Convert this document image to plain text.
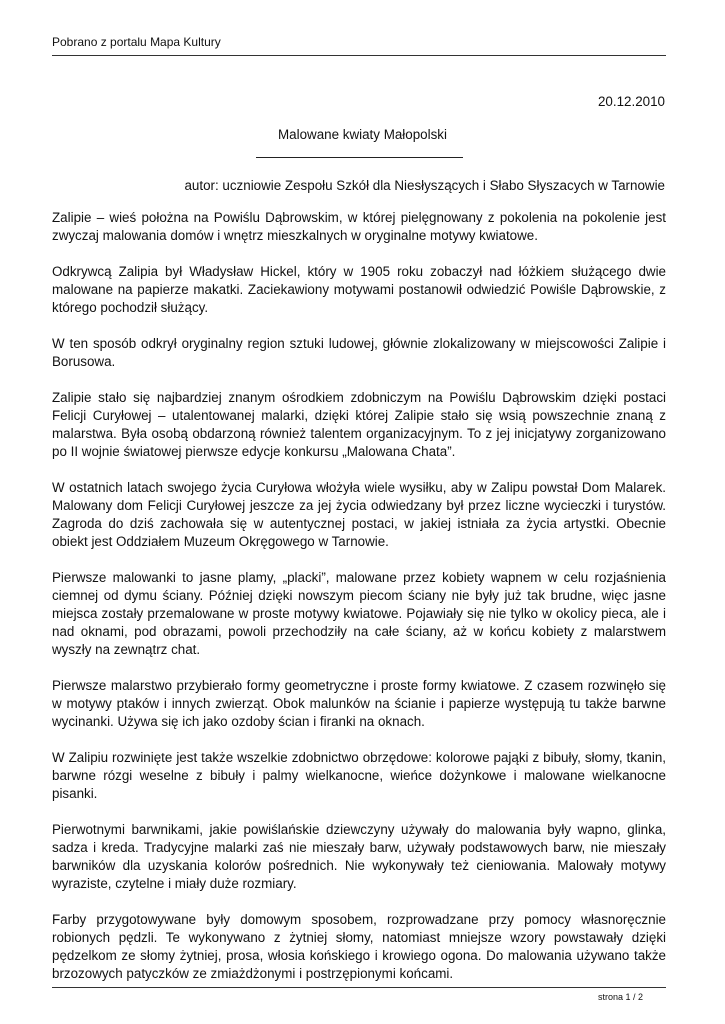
Pobrano z portalu Mapa Kultury
20.12.2010
Malowane kwiaty Małopolski
autor: uczniowie Zespołu Szkół dla Niesłyszących i Słabo Słyszacych w Tarnowie

Zalipie – wieś położna na Powiślu Dąbrowskim, w której pielęgnowany z pokolenia na pokolenie jest zwyczaj malowania domów i wnętrz mieszkalnych w oryginalne motywy kwiatowe.

Odkrywcą Zalipia był Władysław Hickel, który w 1905 roku zobaczył nad łóżkiem służącego dwie malowane na papierze makatki. Zaciekawiony motywami postanowił odwiedzić Powiśle Dąbrowskie, z którego pochodził służący.

W ten sposób odkrył oryginalny region sztuki ludowej, głównie zlokalizowany w miejscowości Zalipie i Borusowa.

Zalipie stało się najbardziej znanym ośrodkiem zdobniczym na Powiślu Dąbrowskim dzięki postaci Felicji Curyłowej – utalentowanej malarki, dzięki której Zalipie stało się wsią powszechnie znaną z malarstwa. Była osobą obdarzoną również talentem organizacyjnym. To z jej inicjatywy zorganizowano po II wojnie światowej pierwsze edycje konkursu „Malowana Chata”.

W ostatnich latach swojego życia Curyłowa włożyła wiele wysiłku, aby w Zalipu powstał Dom Malarek. Malowany dom Felicji Curyłowej jeszcze za jej życia odwiedzany był przez liczne wycieczki i turystów. Zagroda do dziś zachowała się w autentycznej postaci, w jakiej istniała za życia artystki. Obecnie obiekt jest Oddziałem Muzeum Okręgowego w Tarnowie.

Pierwsze malowanki to jasne plamy, „placki”, malowane przez kobiety wapnem w celu rozjaśnienia ciemnej od dymu ściany. Później dzięki nowszym piecom ściany nie były już tak brudne, więc jasne miejsca zostały przemalowane w proste motywy kwiatowe. Pojawiały się nie tylko w okolicy pieca, ale i nad oknami, pod obrazami, powoli przechodziły na całe ściany, aż w końcu kobiety z malarstwem wyszły na zewnątrz chat.

Pierwsze malarstwo przybierało formy geometryczne i proste formy kwiatowe. Z czasem rozwinęło się w motywy ptaków i innych zwierząt. Obok malunków na ścianie i papierze występują tu także barwne wycinanki. Używa się ich jako ozdoby ścian i firanki na oknach.

W Zalipiu rozwinięte jest także wszelkie zdobnictwo obrzędowe: kolorowe pająki z bibuły, słomy, tkanin, barwne rózgi weselne z bibuły i palmy wielkanocne, wieńce dożynkowe i malowane wielkanocne pisanki.

Pierwotnymi barwnikami, jakie powiślańskie dziewczyny używały do malowania były wapno, glinka, sadza i kreda. Tradycyjne malarki zaś nie mieszały barw, używały podstawowych barw, nie mieszały barwników dla uzyskania kolorów pośrednich. Nie wykonywały też cieniowania. Malowały motywy wyraziste, czytelne i miały duże rozmiary.

Farby przygotowywane były domowym sposobem, rozprowadzane przy pomocy własnoręcznie robionych pędzli. Te wykonywano z żytniej słomy, natomiast mniejsze wzory powstawały dzięki pędzelkom ze słomy żytniej, prosa, włosia końskiego i krowiego ogona. Do malowania używano także brzozowych patyczków ze zmiażdżonymi i postrzępionymi końcami.

strona 1 / 2
